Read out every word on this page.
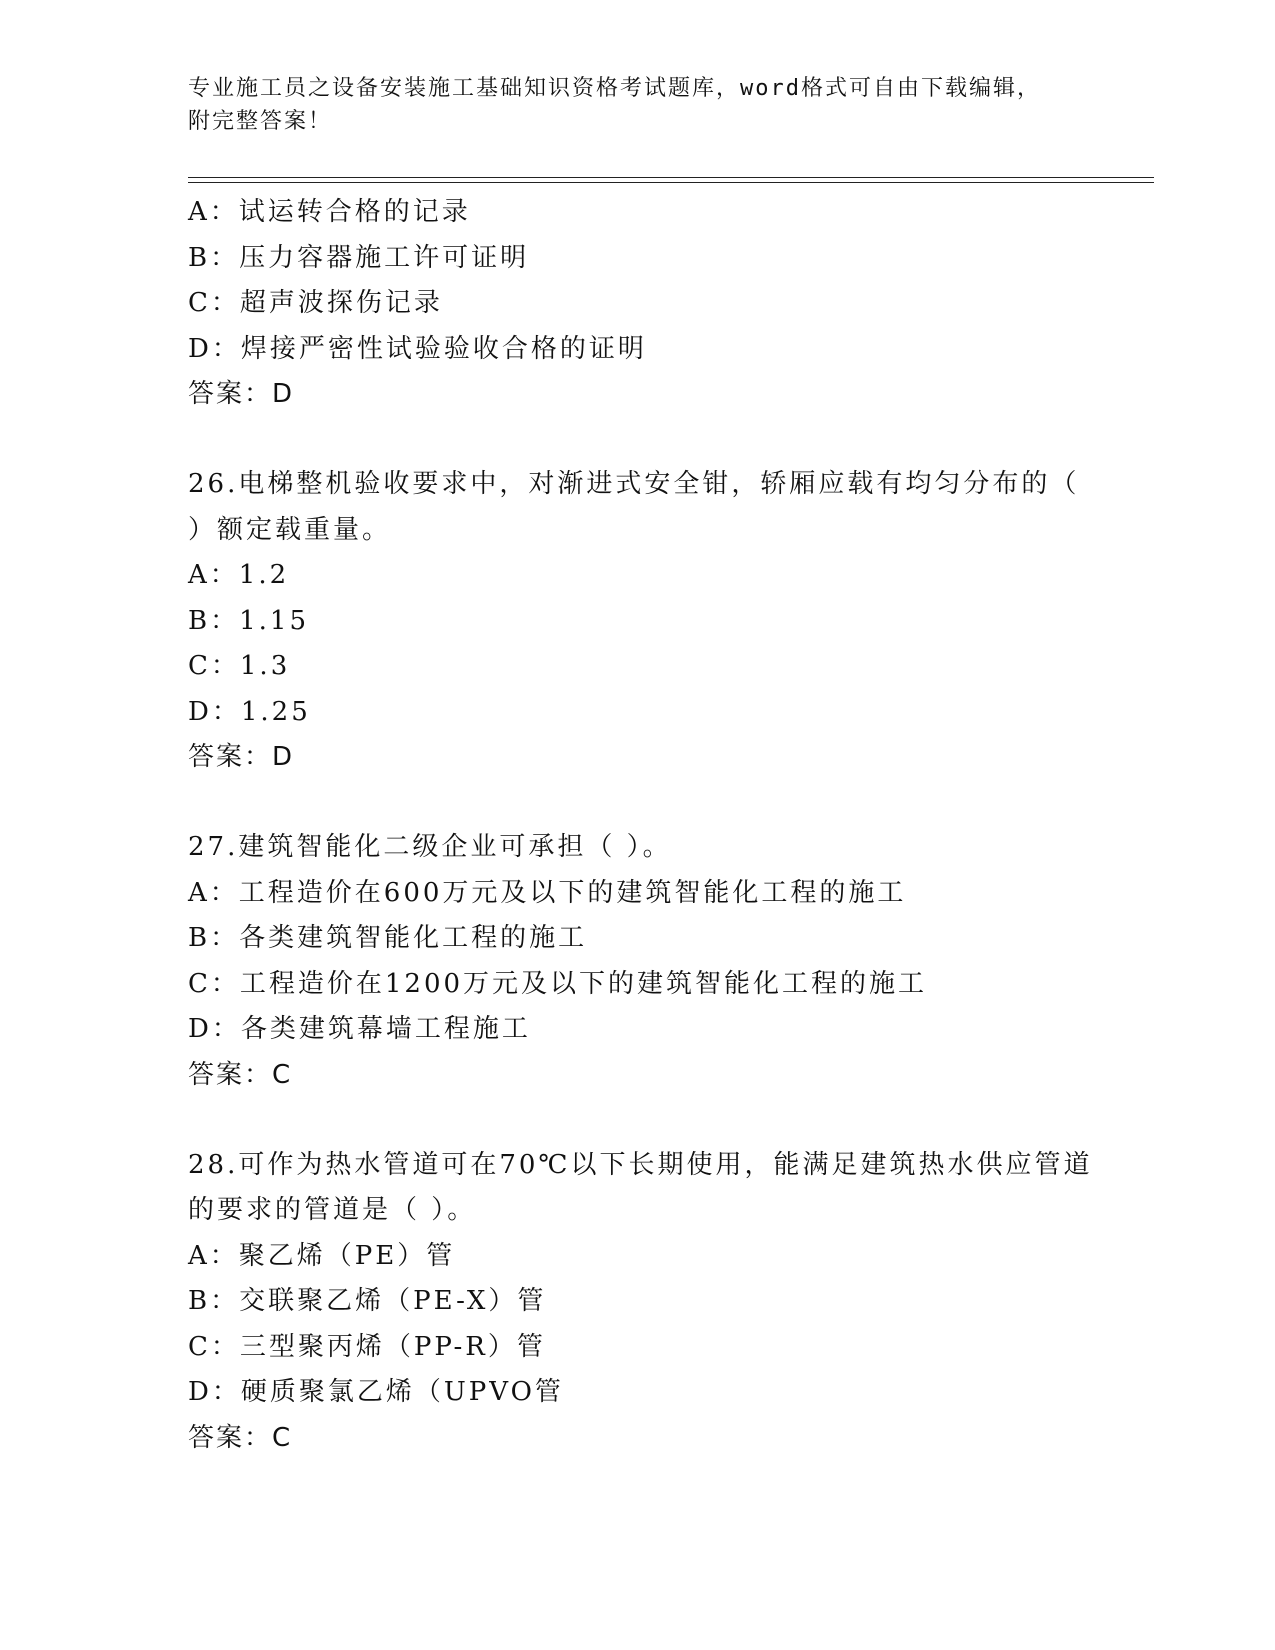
专业施工员之设备安装施工基础知识资格考试题库，word格式可自由下载编辑，
附完整答案！
A：试运转合格的记录
B：压力容器施工许可证明
C：超声波探伤记录
D：焊接严密性试验验收合格的证明
答案：D
26.电梯整机验收要求中，对渐进式安全钳，轿厢应载有均匀分布的（
）额定载重量。
A：1.2
B：1.15
C：1.3
D：1.25
答案：D
27.建筑智能化二级企业可承担（ ）。
A：工程造价在600万元及以下的建筑智能化工程的施工
B：各类建筑智能化工程的施工
C：工程造价在1200万元及以下的建筑智能化工程的施工
D：各类建筑幕墙工程施工
答案：C
28.可作为热水管道可在70℃以下长期使用，能满足建筑热水供应管道
的要求的管道是（ ）。
A：聚乙烯（PE）管
B：交联聚乙烯（PE-X）管
C：三型聚丙烯（PP-R）管
D：硬质聚氯乙烯（UPVO管
答案：C
